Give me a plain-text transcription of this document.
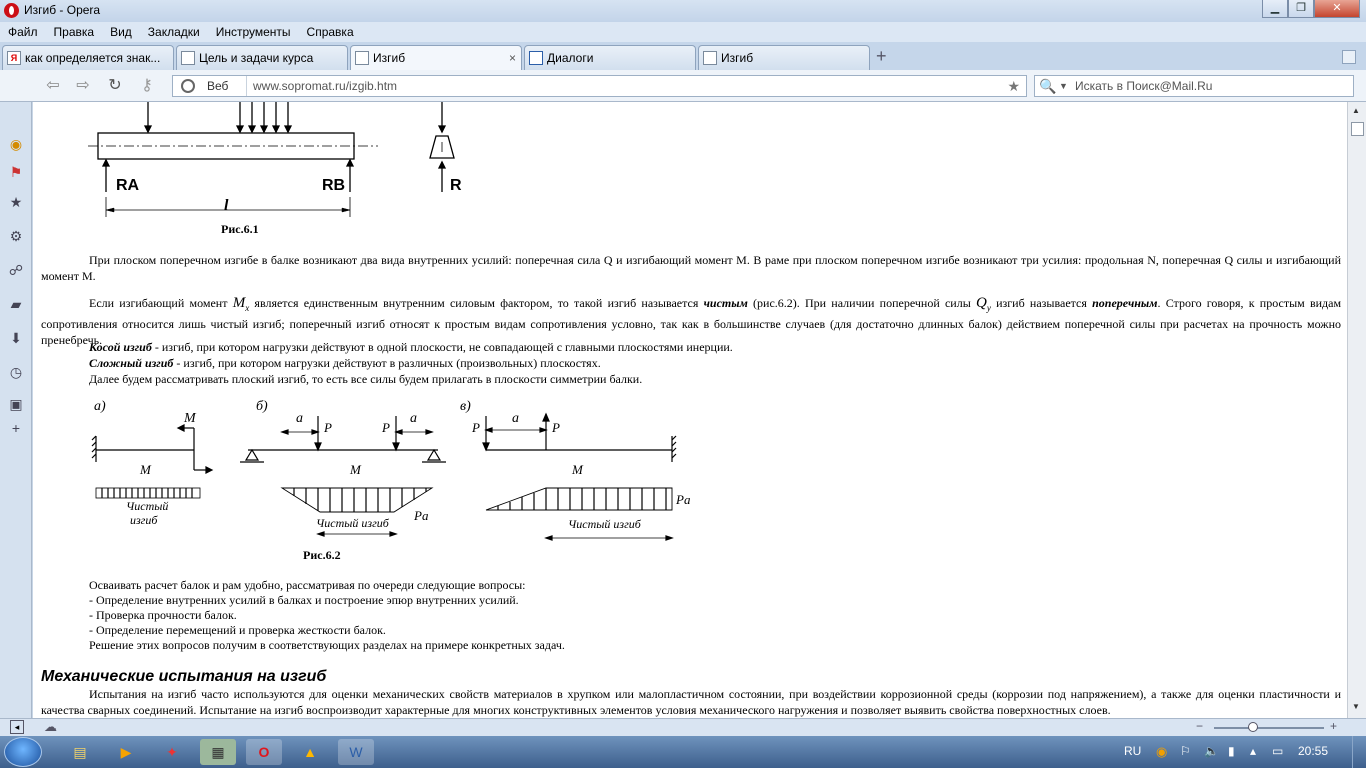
Изгиб - Opera	▁	❐	✕
Файл Правка Вид Закладки Инструменты Справка
Я как определяется знак...	Цель и задачи курса	Изгиб	×	Диалоги	Изгиб	+
⇦ ⇨ ↻	⚷	Веб	www.sopromat.ru/izgib.htm	★ 🔍 ▼ Искать в Поиск@Mail.Ru
◉
⚑
★
⚙
☍
▰
⬇
◷
▣
+
RA	RB
l
R
Рис.6.1
При плоском поперечном изгибе в балке возникают два вида внутренних усилий: поперечная сила Q и изгибающий момент M. В раме при плоском поперечном изгибе возникают три усилия: продольная N, поперечная Q силы и изгибающий момент M.
Если изгибающий момент $M_x$ является единственным внутренним силовым фактором, то такой изгиб называется чистым (рис.6.2). При наличии поперечной силы $Q_y$ изгиб называется поперечным. Строго говоря, к простым видам сопротивления относится лишь чистый изгиб; поперечный изгиб относят к простым видам сопротивления условно, так как в большинстве случаев (для достаточно длинных балок) действием поперечной силы при расчетах на прочность можно пренебречь.
Косой изгиб - изгиб, при котором нагрузки действуют в одной плоскости, не совпадающей с главными плоскостями инерции.
Сложный изгиб - изгиб, при котором нагрузки действуют в различных (произвольных) плоскостях.
Далее будем рассматривать плоский изгиб, то есть все силы будем прилагать в плоскости симметрии балки.
a)
M
M
Чистый
изгиб
б)
a
P	P
a
M
Pa
Чистый изгиб
в)
P
a
P
M
Pa
Чистый изгиб
Рис.6.2
Осваивать расчет балок и рам удобно, рассматривая по очереди следующие вопросы:
- Определение внутренних усилий в балках и построение эпюр внутренних усилий.
- Проверка прочности балок.
- Определение перемещений и проверка жесткости балок.
Решение этих вопросов получим в соответствующих разделах на примере конкретных задач.
Механические испытания на изгиб
Испытания на изгиб часто используются для оценки механических свойств материалов в хрупком или малопластичном состоянии, при воздействии коррозионной среды (коррозии под напряжением), а также для оценки пластичности и качества сварных соединений. Испытание на изгиб воспроизводит характерные для многих конструктивных элементов условия механического нагружения и позволяет выявить свойства поверхностных слоев.
▲
▼
◂	☁	−	+
▤	▶	✦	▦	O	▲	W	RU ◉ ⚐ 🔈 ▮ ▴ ▭ 20:55
